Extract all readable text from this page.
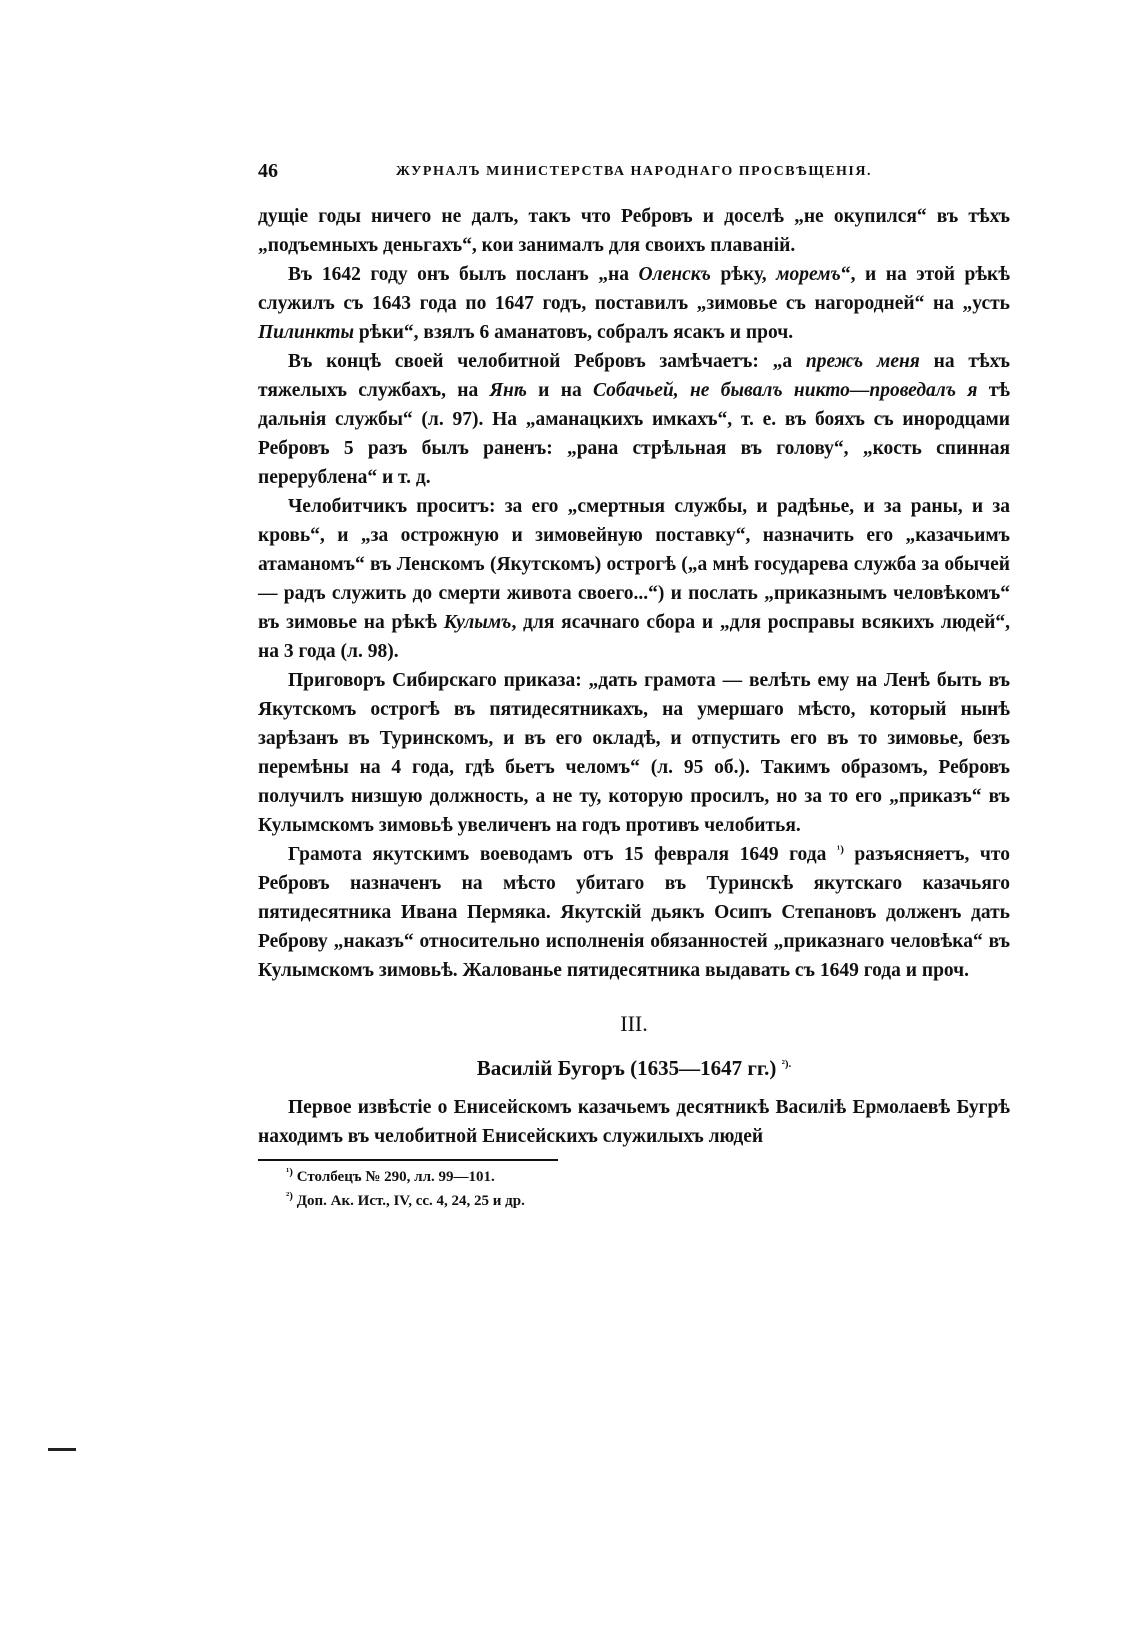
46	ЖУРНАЛЪ МИНИСТЕРСТВА НАРОДНАГО ПРОСВѢЩЕНІЯ.

дущіе годы ничего не далъ, такъ что Ребровъ и доселѣ „не окупился“ въ тѣхъ „подъемныхъ деньгахъ“, кои занималъ для своихъ плаваній.

Въ 1642 году онъ былъ посланъ „на Оленскъ рѣку, моремъ“, и на этой рѣкѣ служилъ съ 1643 года по 1647 годъ, поставилъ „зимовье съ нагородней“ на „усть Пилинкты рѣки“, взялъ 6 аманатовъ, собралъ ясакъ и проч.

Въ концѣ своей челобитной Ребровъ замѣчаетъ: „а прежъ меня на тѣхъ тяжелыхъ службахъ, на Янѣ и на Собачьей, не бывалъ никто—проведалъ я тѣ дальнія службы“ (л. 97). На „аманацкихъ имкахъ“, т. е. въ бояхъ съ инородцами Ребровъ 5 разъ былъ раненъ: „рана стрѣльная въ голову“, „кость спинная перерублена“ и т. д.

Челобитчикъ проситъ: за его „смертныя службы, и радѣнье, и за раны, и за кровь“, и „за острожную и зимовейную поставку“, назначить его „казачьимъ атаманомъ“ въ Ленскомъ (Якутскомъ) острогѣ („а мнѣ государева служба за обычей — радъ служить до смерти живота своего...“) и послать „приказнымъ человѣкомъ“ въ зимовье на рѣкѣ Кулымъ, для ясачнаго сбора и „для росправы всякихъ людей“, на 3 года (л. 98).

Приговоръ Сибирскаго приказа: „дать грамота — велѣть ему на Ленѣ быть въ Якутскомъ острогѣ въ пятидесятникахъ, на умершаго мѣсто, который нынѣ зарѣзанъ въ Туринскомъ, и въ его окладѣ, и отпустить его въ то зимовье, безъ перемѣны на 4 года, гдѣ бьетъ челомъ“ (л. 95 об.). Такимъ образомъ, Ребровъ получилъ низшую должность, а не ту, которую просилъ, но за то его „приказъ“ въ Кулымскомъ зимовьѣ увеличенъ на годъ противъ челобитья.

Грамота якутскимъ воеводамъ отъ 15 февраля 1649 года $^{^1)}$ разъясняетъ, что Ребровъ назначенъ на мѣсто убитаго въ Туринскѣ якутскаго казачьяго пятидесятника Ивана Пермяка. Якутскій дьякъ Осипъ Степановъ долженъ дать Реброву „наказъ“ относительно исполненія обязанностей „приказнаго человѣка“ въ Кулымскомъ зимовьѣ. Жалованье пятидесятника выдавать съ 1649 года и проч.

III.
Василій Бугоръ (1635—1647 гг.) $^{^2).}$

Первое извѣстіе о Енисейскомъ казачьемъ десятникѣ Василіѣ Ермолаевѣ Бугрѣ находимъ въ челобитной Енисейскихъ служилыхъ людей

$^{^1)}$ Столбецъ № 290, лл. 99—101.
$^{^2)}$ Доп. Ак. Ист., IV, сс. 4, 24, 25 и др.
